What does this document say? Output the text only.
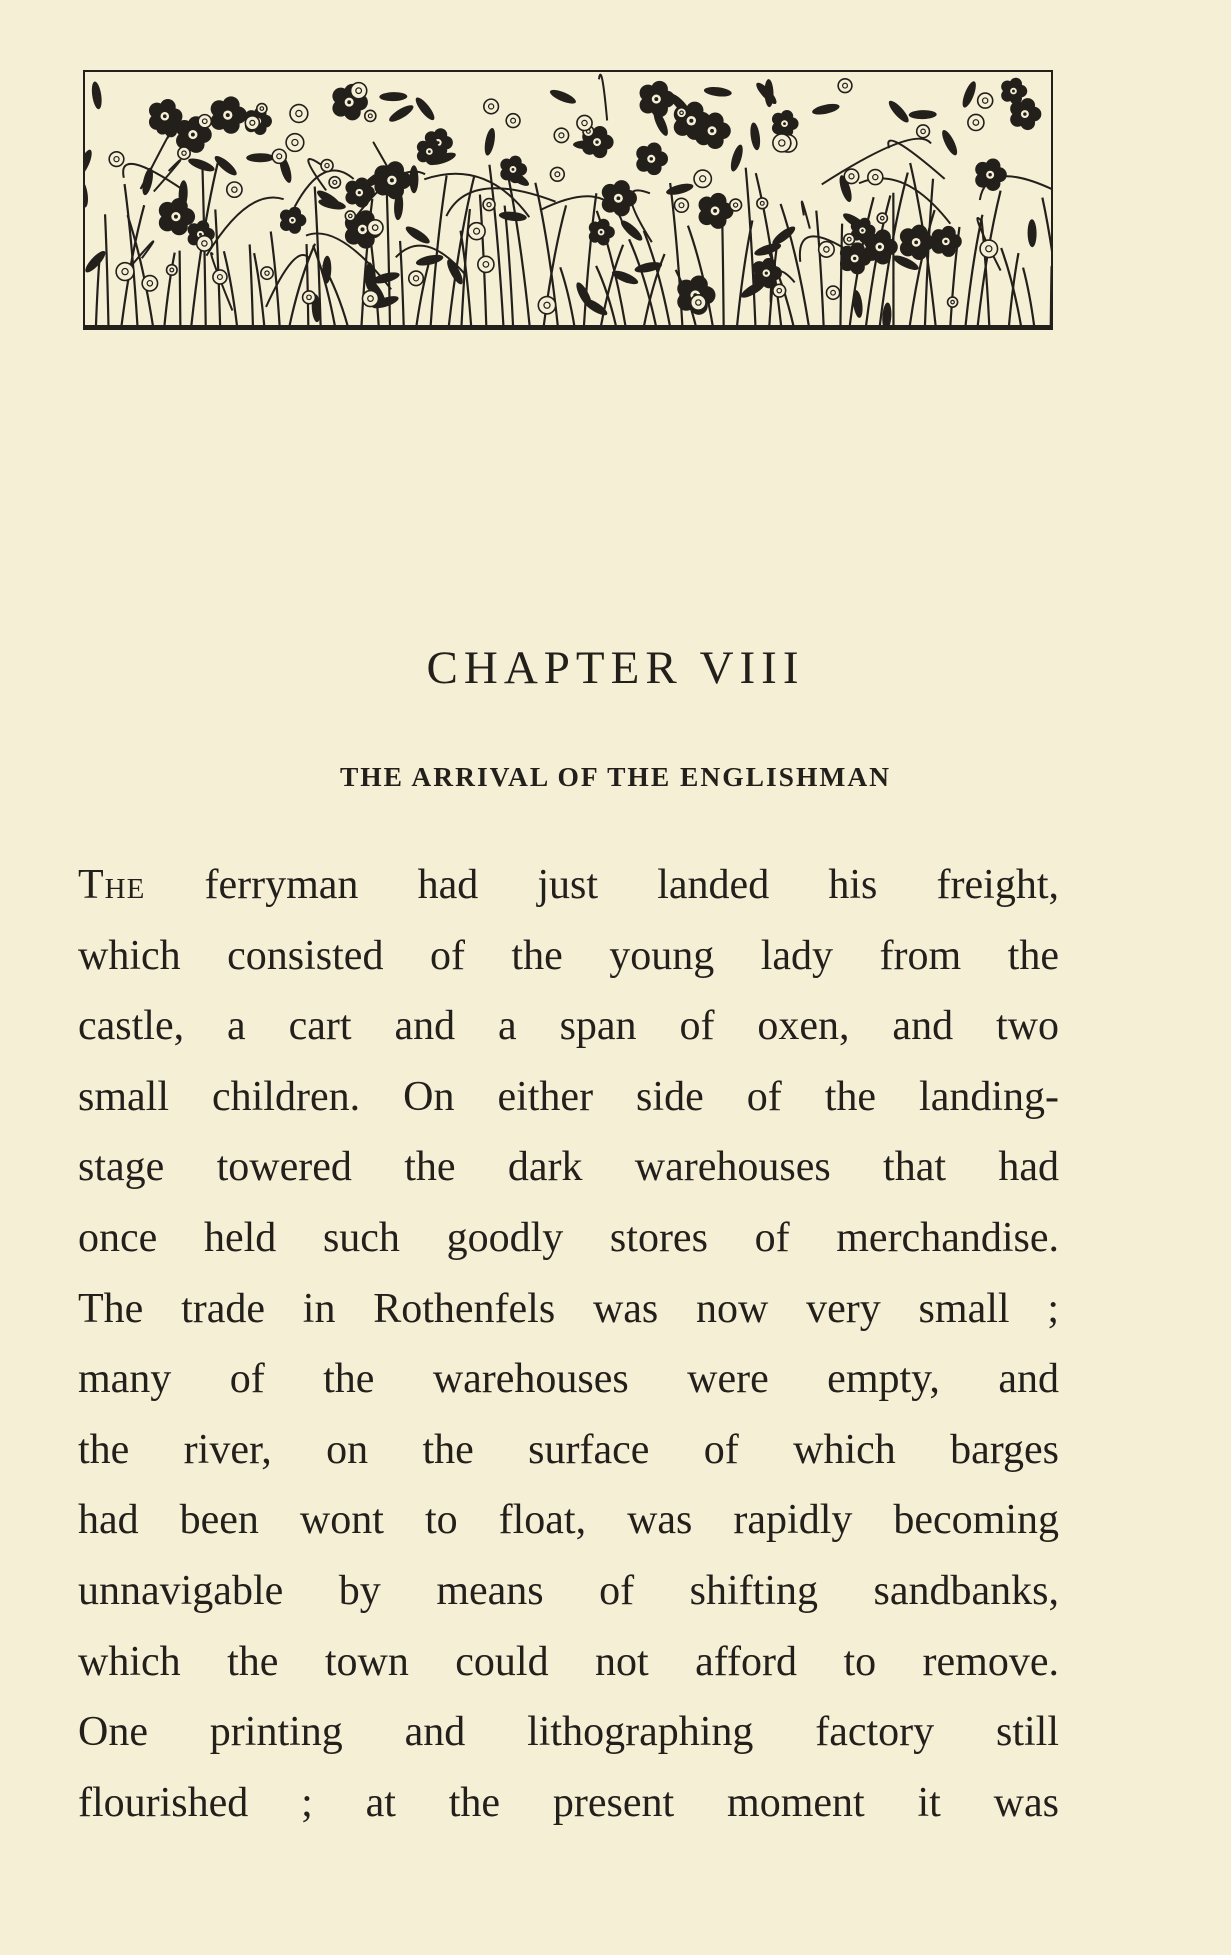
CHAPTER VIII
THE ARRIVAL OF THE ENGLISHMAN
The ferryman had just landed his freight,
which consisted of the young lady from the
castle, a cart and a span of oxen, and two
small children. On either side of the landing-
stage towered the dark warehouses that had
once held such goodly stores of merchandise.
The trade in Rothenfels was now very small ;
many of the warehouses were empty, and
the river, on the surface of which barges
had been wont to float, was rapidly becoming
unnavigable by means of shifting sandbanks,
which the town could not afford to remove.
One printing and lithographing factory still
flourished ; at the present moment it was
